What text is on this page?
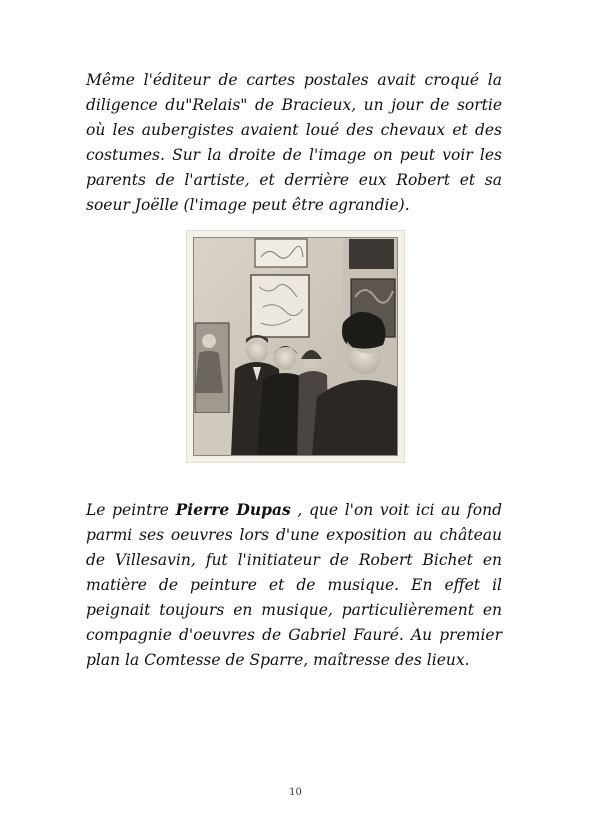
Même l'éditeur de cartes postales avait croqué la diligence du"Relais" de Bracieux, un jour de sortie où les aubergistes avaient loué des chevaux et des costumes. Sur la droite de l'image on peut voir les parents de l'artiste, et derrière eux Robert et sa soeur Joëlle (l'image peut être agrandie).

Le peintre Pierre Dupas , que l'on voit ici au fond parmi ses oeuvres lors d'une exposition au château de Villesavin, fut l'initiateur de Robert Bichet en matière de peinture et de musique. En effet il peignait toujours en musique, particulièrement en compagnie d'oeuvres de Gabriel Fauré. Au premier plan la Comtesse de Sparre, maîtresse des lieux.

10
